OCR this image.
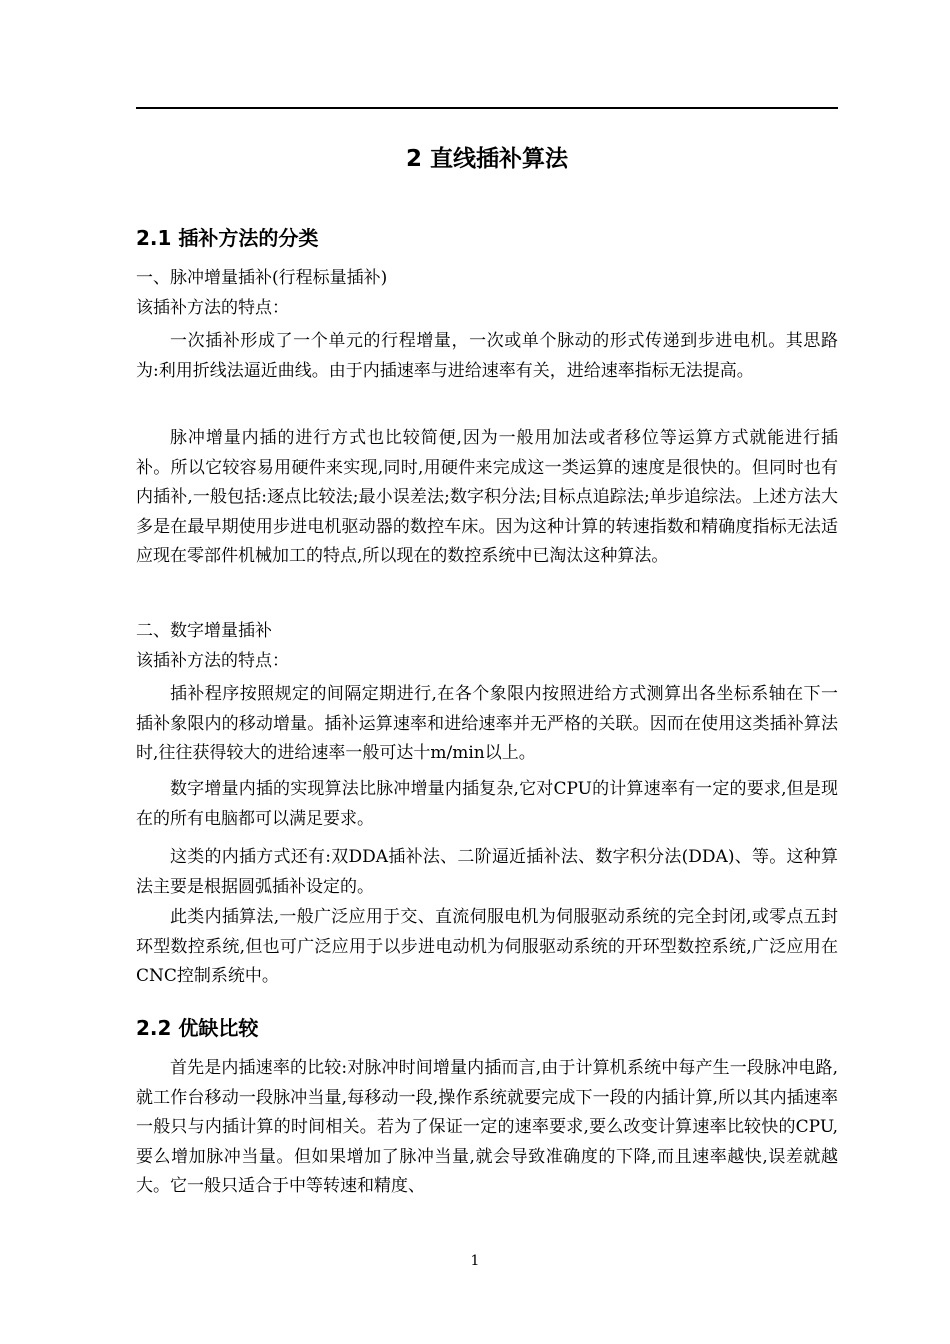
2 直线插补算法
2.1 插补方法的分类
一、脉冲增量插补(行程标量插补)
该插补方法的特点：
一次插补形成了一个单元的行程增量，一次或单个脉动的形式传递到步进电机。其思路为:利用折线法逼近曲线。由于内插速率与进给速率有关，进给速率指标无法提高。
脉冲增量内插的进行方式也比较简便,因为一般用加法或者移位等运算方式就能进行插补。所以它较容易用硬件来实现,同时,用硬件来完成这一类运算的速度是很快的。但同时也有内插补,一般包括:逐点比较法;最小误差法;数字积分法;目标点追踪法;单步追综法。上述方法大多是在最早期使用步进电机驱动器的数控车床。因为这种计算的转速指数和精确度指标无法适应现在零部件机械加工的特点,所以现在的数控系统中已淘汰这种算法。
二、数字增量插补
该插补方法的特点：
插补程序按照规定的间隔定期进行,在各个象限内按照进给方式测算出各坐标系轴在下一插补象限内的移动增量。插补运算速率和进给速率并无严格的关联。因而在使用这类插补算法时,往往获得较大的进给速率一般可达十m/min以上。
数字增量内插的实现算法比脉冲增量内插复杂,它对CPU的计算速率有一定的要求,但是现在的所有电脑都可以满足要求。
这类的内插方式还有:双DDA插补法、二阶逼近插补法、数字积分法(DDA)、等。这种算法主要是根据圆弧插补设定的。
此类内插算法,一般广泛应用于交、直流伺服电机为伺服驱动系统的完全封闭,或零点五封环型数控系统,但也可广泛应用于以步进电动机为伺服驱动系统的开环型数控系统,广泛应用在CNC控制系统中。
2.2 优缺比较
首先是内插速率的比较:对脉冲时间增量内插而言,由于计算机系统中每产生一段脉冲电路,就工作台移动一段脉冲当量,每移动一段,操作系统就要完成下一段的内插计算,所以其内插速率一般只与内插计算的时间相关。若为了保证一定的速率要求,要么改变计算速率比较快的CPU,要么增加脉冲当量。但如果增加了脉冲当量,就会导致准确度的下降,而且速率越快,误差就越大。它一般只适合于中等转速和精度、
1
